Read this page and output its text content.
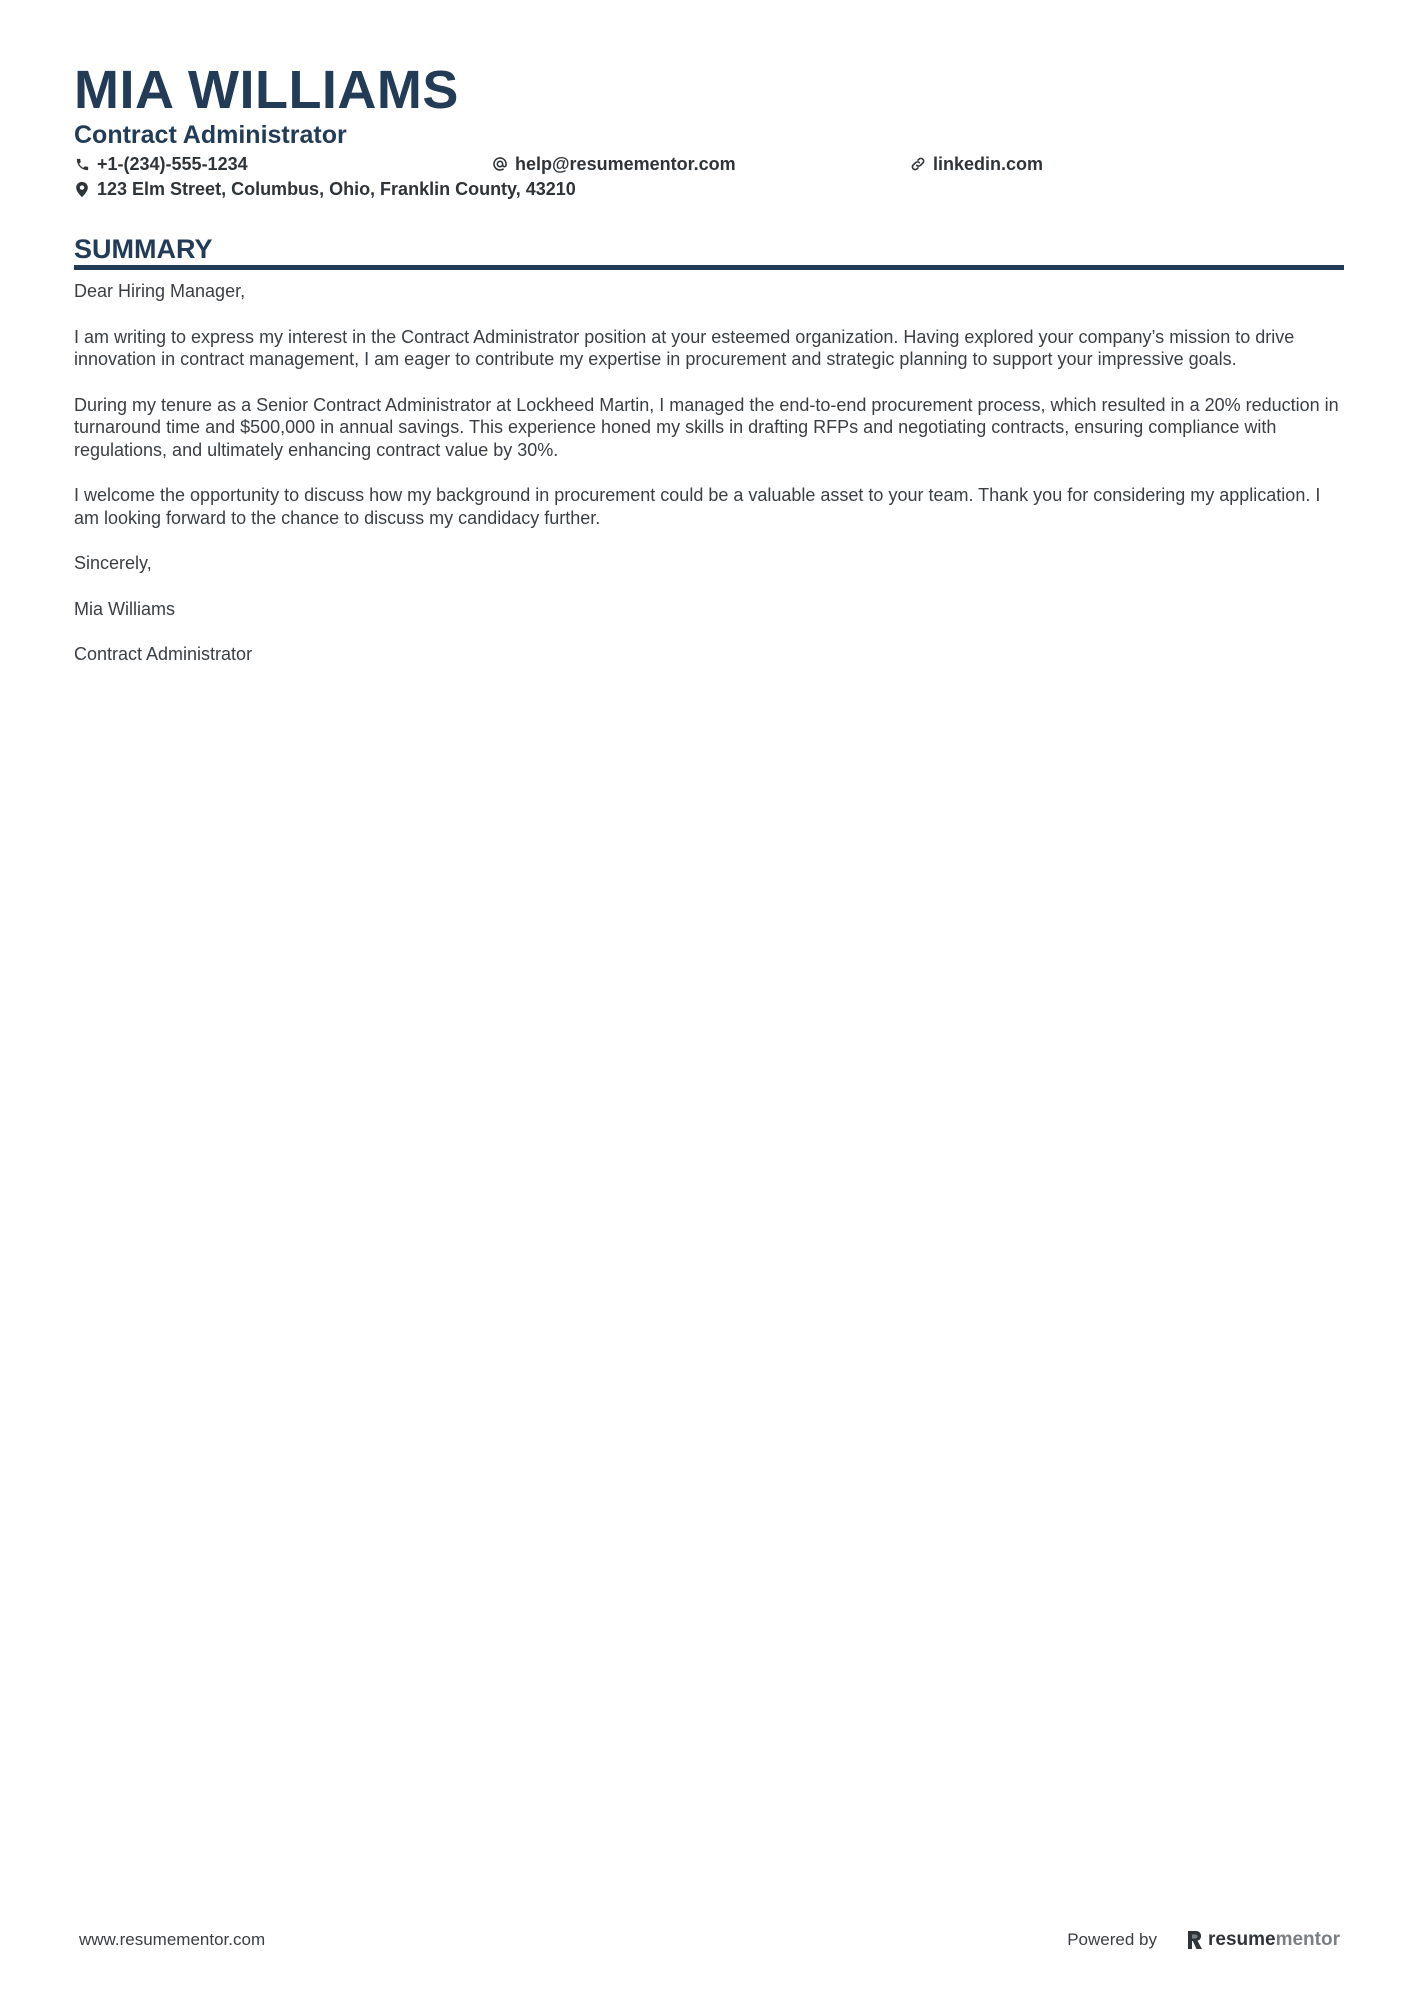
MIA WILLIAMS
Contract Administrator
+1-(234)-555-1234	help@resumementor.com	linkedin.com
123 Elm Street, Columbus, Ohio, Franklin County, 43210
SUMMARY

Dear Hiring Manager,

I am writing to express my interest in the Contract Administrator position at your esteemed organization. Having explored your company’s mission to drive innovation in contract management, I am eager to contribute my expertise in procurement and strategic planning to support your impressive goals.

During my tenure as a Senior Contract Administrator at Lockheed Martin, I managed the end-to-end procurement process, which resulted in a 20% reduction in turnaround time and $500,000 in annual savings. This experience honed my skills in drafting RFPs and negotiating contracts, ensuring compliance with regulations, and ultimately enhancing contract value by 30%.

I welcome the opportunity to discuss how my background in procurement could be a valuable asset to your team. Thank you for considering my application. I am looking forward to the chance to discuss my candidacy further.

Sincerely,

Mia Williams

Contract Administrator

www.resumementor.com	Powered by	resume mentor
